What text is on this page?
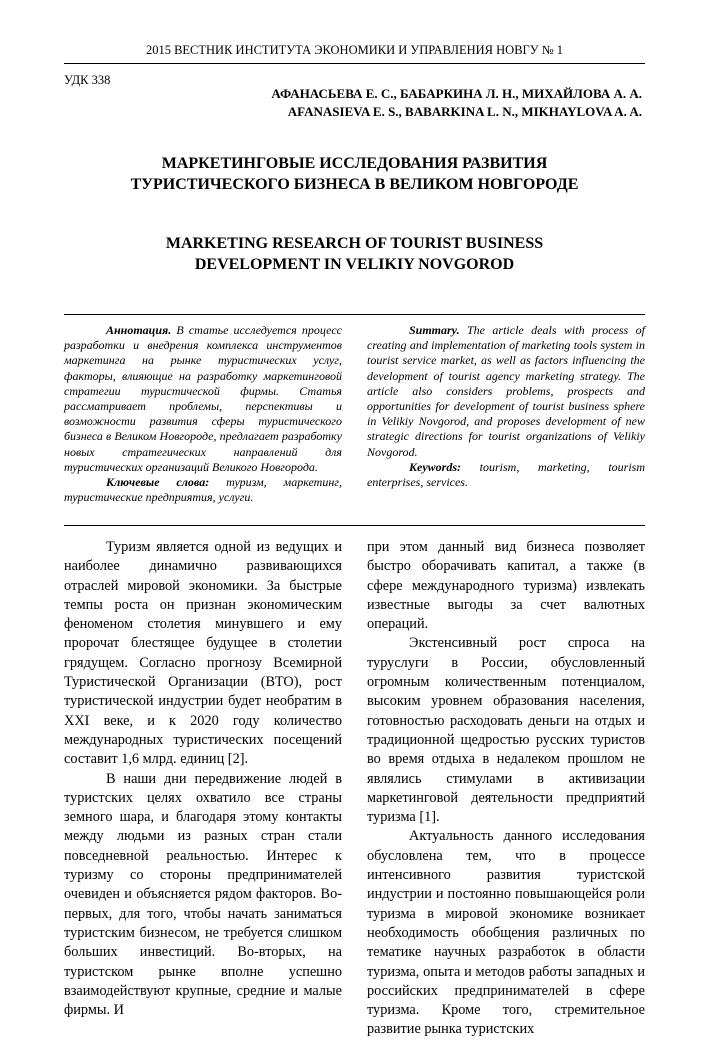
2015 ВЕСТНИК ИНСТИТУТА ЭКОНОМИКИ И УПРАВЛЕНИЯ НОВГУ № 1
УДК 338
АФАНАСЬЕВА Е. С., БАБАРКИНА Л. Н., МИХАЙЛОВА А. А.
AFANASIEVA E. S., BABARKINA L. N., MIKHAYLOVA A. A.
МАРКЕТИНГОВЫЕ ИССЛЕДОВАНИЯ РАЗВИТИЯ
ТУРИСТИЧЕСКОГО БИЗНЕСА В ВЕЛИКОМ НОВГОРОДЕ
MARKETING RESEARCH OF TOURIST BUSINESS
DEVELOPMENT IN VELIKIY NOVGOROD

Аннотация. В статье исследуется процесс разработки и внедрения комплекса инструментов маркетинга на рынке туристических услуг, факторы, влияющие на разработку маркетинговой стратегии туристической фирмы. Статья рассматривает проблемы, перспективы и возможности развития сферы туристического бизнеса в Великом Новгороде, предлагает разработку новых стратегических направлений для туристических организаций Великого Новгорода.

Ключевые слова: туризм, маркетинг, туристические предприятия, услуги.

Summary. The article deals with process of creating and implementation of marketing tools system in tourist service market, as well as factors influencing the development of tourist agency marketing strategy. The article also considers problems, prospects and opportunities for development of tourist business sphere in Velikiy Novgorod, and proposes development of new strategic directions for tourist organizations of Velikiy Novgorod.

Keywords: tourism, marketing, tourism enterprises, services.

Туризм является одной из ведущих и наиболее динамично развивающихся отраслей мировой экономики. За быстрые темпы роста он признан экономическим феноменом столетия минувшего и ему пророчат блестящее будущее в столетии грядущем. Согласно прогнозу Всемирной Туристической Организации (ВТО), рост туристической индустрии будет необратим в XXI веке, и к 2020 году количество международных туристических посещений составит 1,6 млрд. единиц [2].

В наши дни передвижение людей в туристских целях охватило все страны земного шара, и благодаря этому контакты между людьми из разных стран стали повседневной реальностью. Интерес к туризму со стороны предпринимателей очевиден и объясняется рядом факторов. Во-первых, для того, чтобы начать заниматься туристским бизнесом, не требуется слишком больших инвестиций. Во-вторых, на туристском рынке вполне успешно взаимодействуют крупные, средние и малые фирмы. И

при этом данный вид бизнеса позволяет быстро оборачивать капитал, а также (в сфере международного туризма) извлекать известные выгоды за счет валютных операций.

Экстенсивный рост спроса на туруслуги в России, обусловленный огромным количественным потенциалом, высоким уровнем образования населения, готовностью расходовать деньги на отдых и традиционной щедростью русских туристов во время отдыха в недалеком прошлом не являлись стимулами в активизации маркетинговой деятельности предприятий туризма [1].

Актуальность данного исследования обусловлена тем, что в процессе интенсивного развития туристской индустрии и постоянно повышающейся роли туризма в мировой экономике возникает необходимость обобщения различных по тематике научных разработок в области туризма, опыта и методов работы западных и российских предпринимателей в сфере туризма. Кроме того, стремительное развитие рынка туристских
